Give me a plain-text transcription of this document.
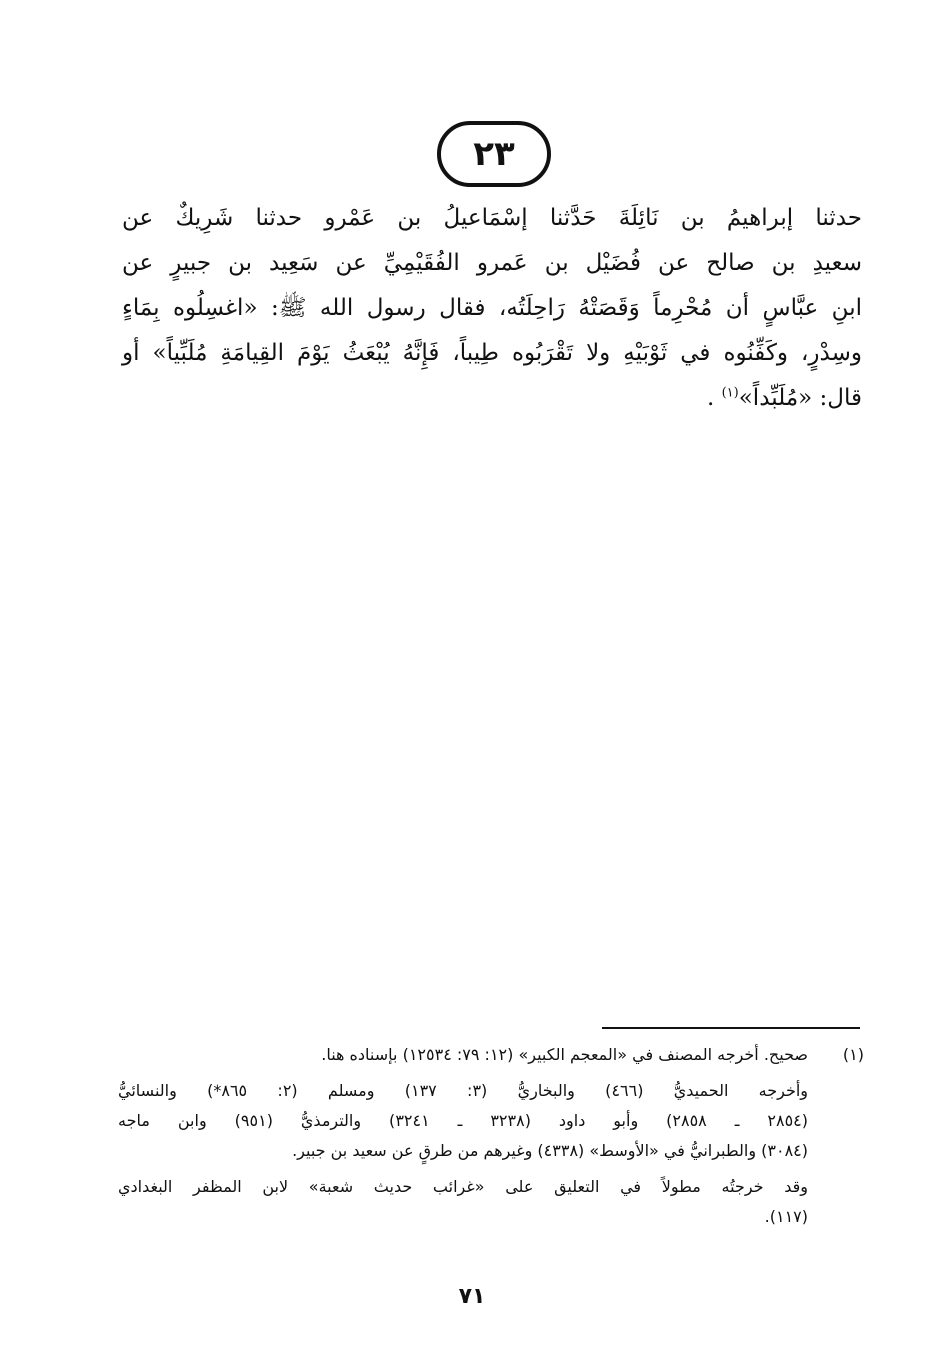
٢٣

حدثنا إبراهيمُ بن نَائِلَةَ حَدَّثنا إسْمَاعيلُ بن عَمْرو حدثنا شَرِيكٌ عن
سعيدِ بن صالح عن فُضَيْل بن عَمرو الفُقَيْمِيِّ عن سَعِيد بن جبيرٍ عن
ابنِ عبَّاسٍ أن مُحْرِماً وَقَصَتْهُ رَاحِلَتُه، فقال رسول الله ﷺ: «اغسِلُوه بِمَاءٍ
وسِدْرٍ، وكَفِّنُوه في ثَوْبَيْهِ ولا تَقْرَبُوه طِيباً، فَإِنَّهُ يُبْعَثُ يَوْمَ القِيامَةِ مُلَبِّياً» أو
قال: «مُلَبِّداً»$^{(١)}$ .

(١)
صحيح. أخرجه المصنف في «المعجم الكبير» (١٢: ٧٩: ١٢٥٣٤) بإسناده هنا.
وأخرجه الحميديُّ (٤٦٦) والبخاريُّ (٣: ١٣٧) ومسلم (٢: ٨٦٥*) والنسائيُّ
(٢٨٥٤ ـ ٢٨٥٨) وأبو داود (٣٢٣٨ ـ ٣٢٤١) والترمذيُّ (٩٥١) وابن ماجه
(٣٠٨٤) والطبرانيُّ في «الأوسط» (٤٣٣٨) وغيرهم من طرقٍ عن سعيد بن جبير.
وقد خرجتُه مطولاً في التعليق على «غرائب حديث شعبة» لابن المظفر البغدادي
(١١٧).
٧١
